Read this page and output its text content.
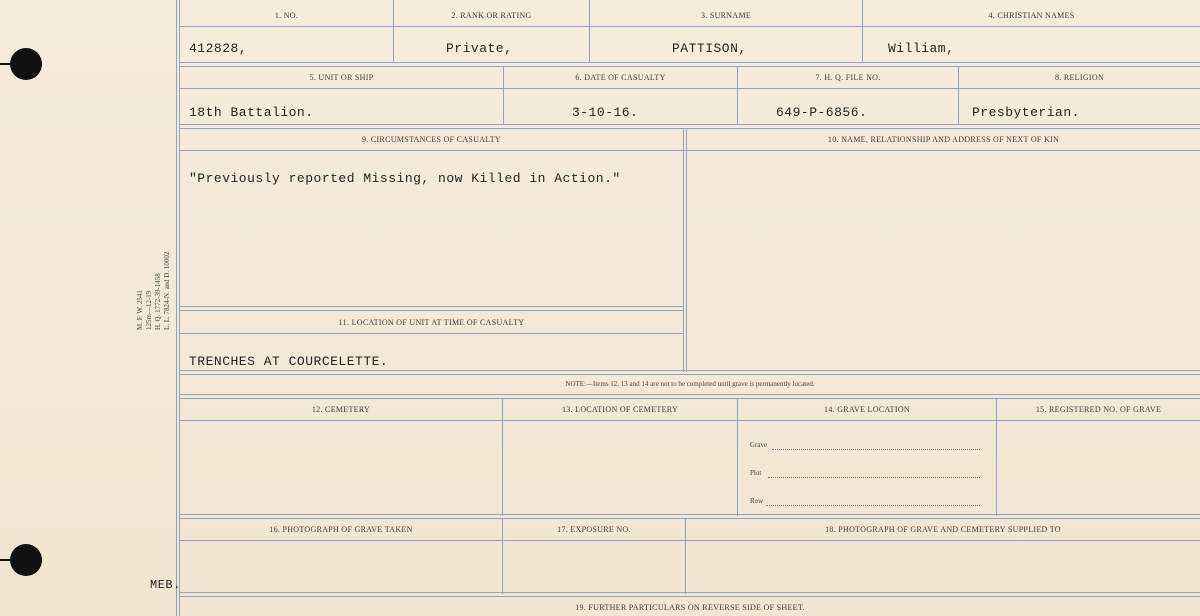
M. F. W. 2541 125m—12-19 H. Q. 1772-39-1458 L. L. 7824-N. and D. 10002
1. NO.	2. RANK OR RATING	3. SURNAME	4. CHRISTIAN NAMES
412828,	Private,	PATTISON,	William,
5. UNIT OR SHIP	6. DATE OF CASUALTY	7. H. Q. FILE NO.	8. RELIGION
18th Battalion.	3-10-16.	649-P-6856.	Presbyterian.
9. CIRCUMSTANCES OF CASUALTY	10. NAME, RELATIONSHIP AND ADDRESS OF NEXT OF KIN
"Previously reported Missing, now Killed in Action."
11. LOCATION OF UNIT AT TIME OF CASUALTY
TRENCHES AT COURCELETTE.
NOTE:—Items 12, 13 and 14 are not to be completed until grave is permanently located.
12. CEMETERY	13. LOCATION OF CEMETERY	14. GRAVE LOCATION	15. REGISTERED NO. OF GRAVE
Grave
Plot
Row
16. PHOTOGRAPH OF GRAVE TAKEN	17. EXPOSURE NO.	18. PHOTOGRAPH OF GRAVE AND CEMETERY SUPPLIED TO
19. FURTHER PARTICULARS ON REVERSE SIDE OF SHEET.
MEB.
